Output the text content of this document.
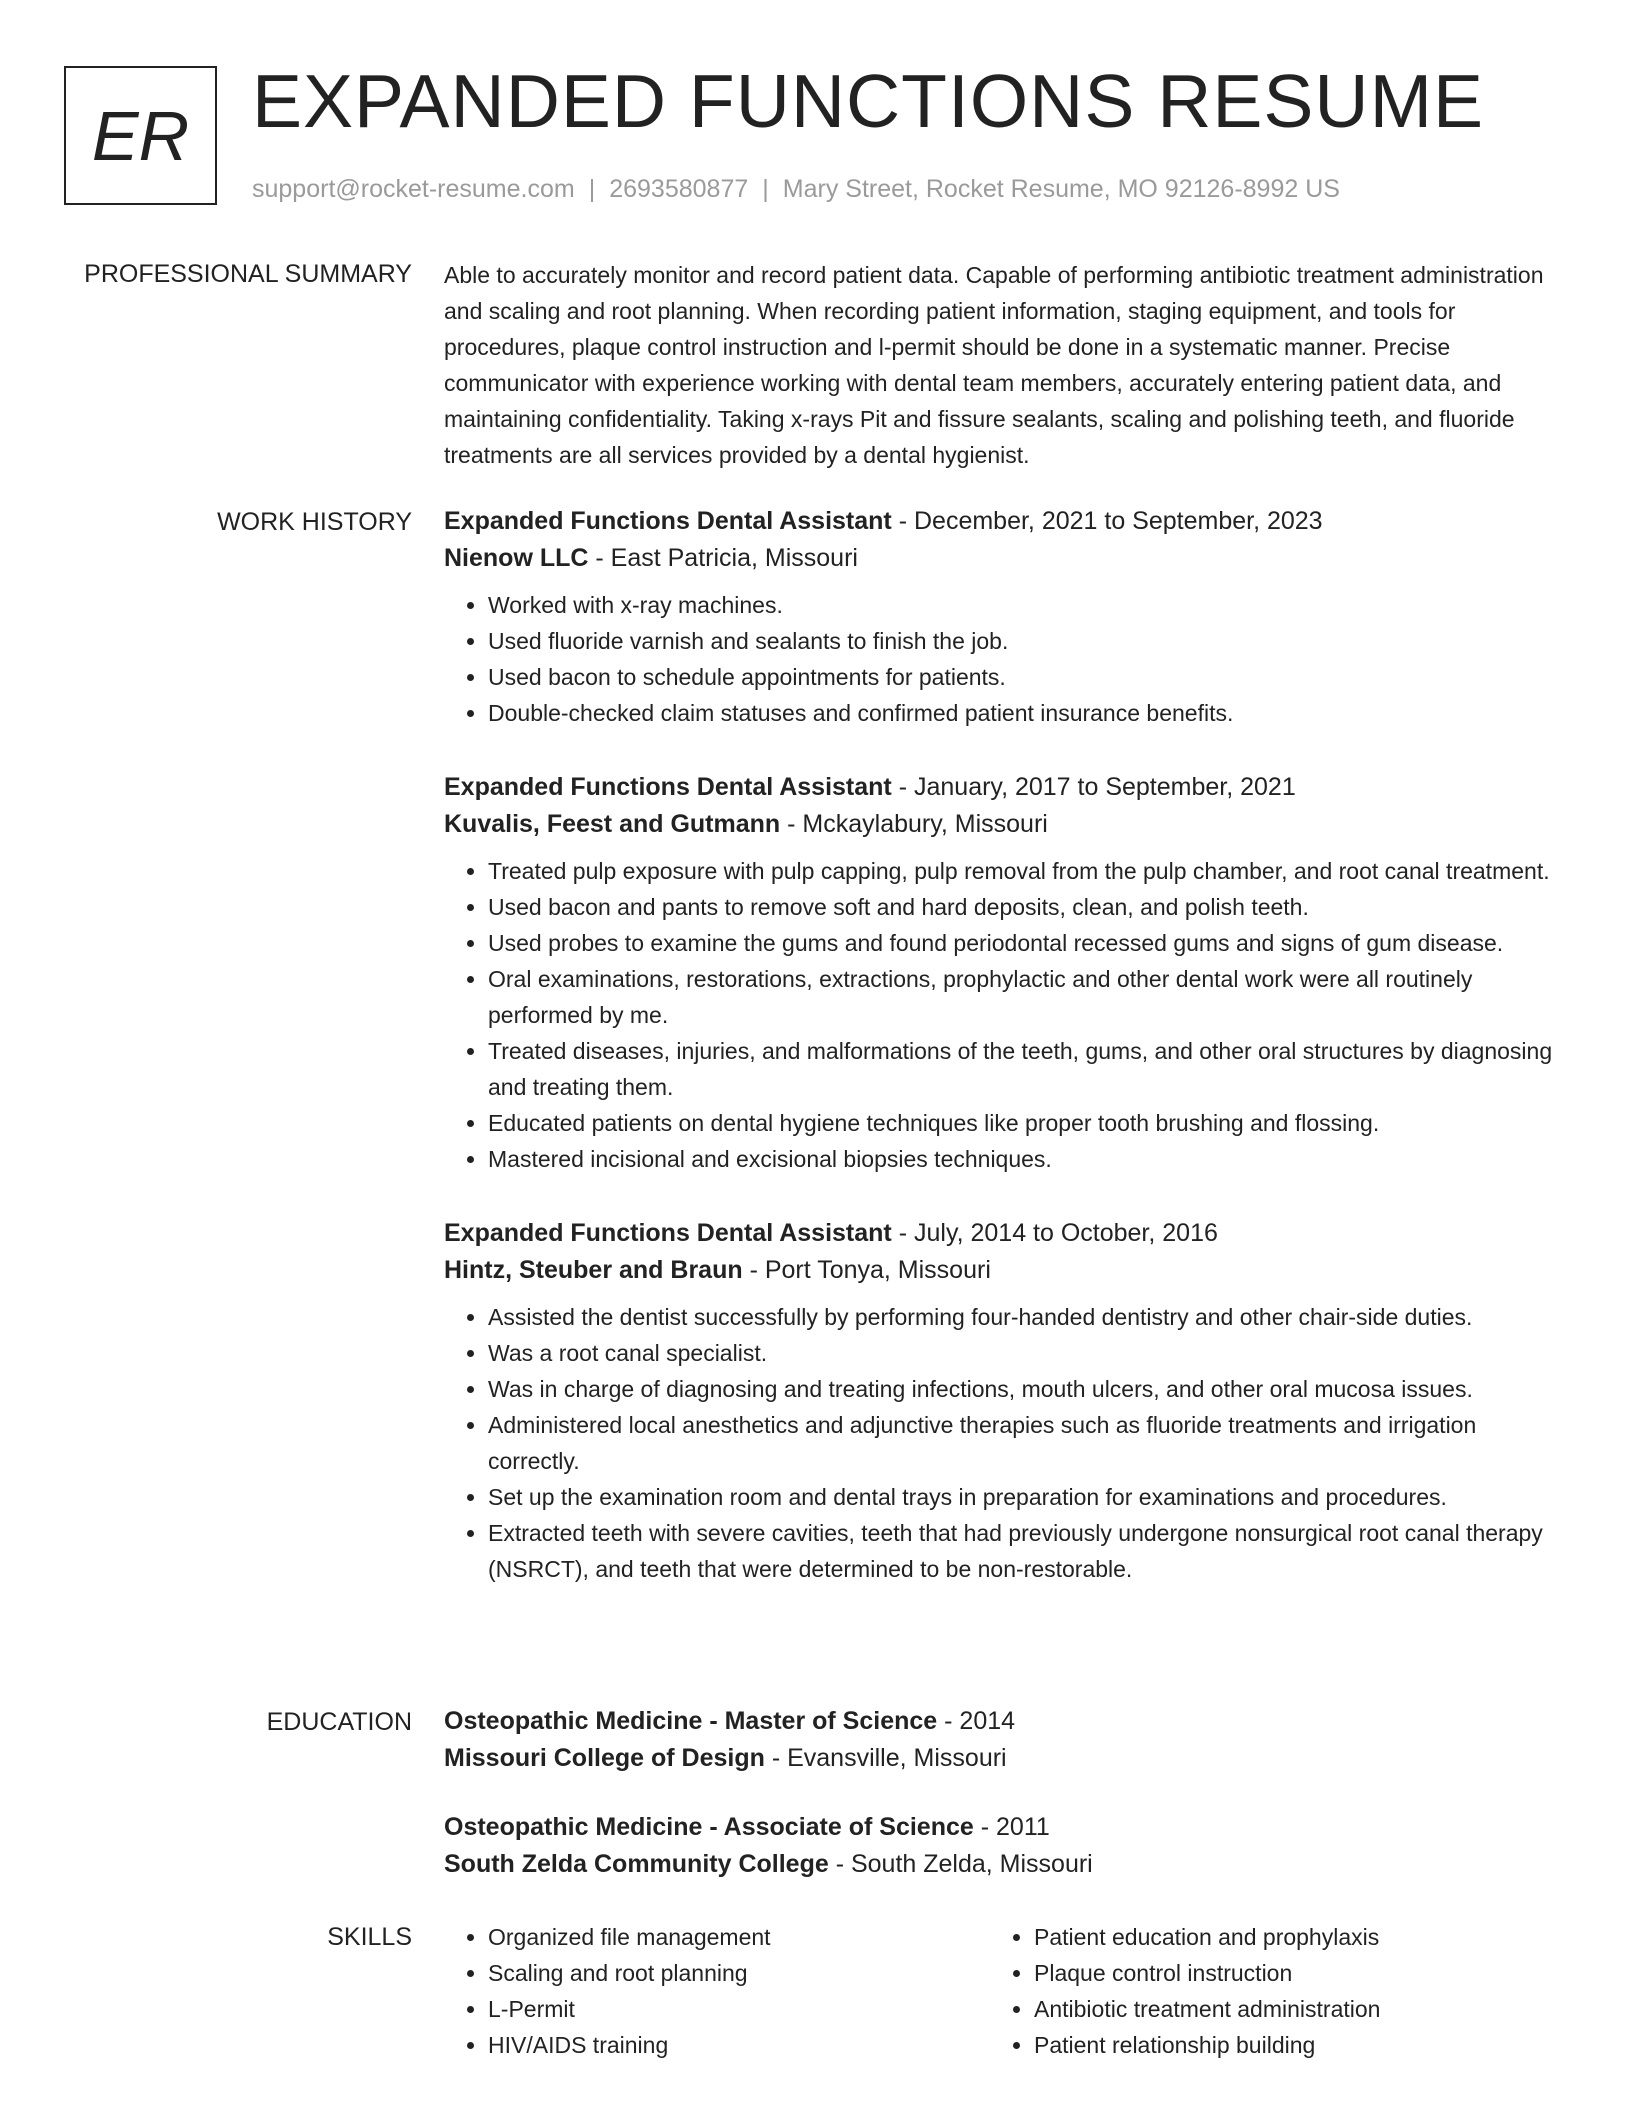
ER EXPANDED FUNCTIONS RESUME
support@rocket-resume.com | 2693580877 | Mary Street, Rocket Resume, MO 92126-8992 US
PROFESSIONAL SUMMARY Able to accurately monitor and record patient data. Capable of performing antibiotic treatment administration and scaling and root planning. When recording patient information, staging equipment, and tools for procedures, plaque control instruction and l-permit should be done in a systematic manner. Precise communicator with experience working with dental team members, accurately entering patient data, and maintaining confidentiality. Taking x-rays Pit and fissure sealants, scaling and polishing teeth, and fluoride treatments are all services provided by a dental hygienist.

WORK HISTORY Expanded Functions Dental Assistant - December, 2021 to September, 2023

Nienow LLC - East Patricia, Missouri

• Worked with x-ray machines.
• Used fluoride varnish and sealants to finish the job.
• Used bacon to schedule appointments for patients.
• Double-checked claim statuses and confirmed patient insurance benefits.

Expanded Functions Dental Assistant - January, 2017 to September, 2021

Kuvalis, Feest and Gutmann - Mckaylabury, Missouri

• Treated pulp exposure with pulp capping, pulp removal from the pulp chamber, and root canal treatment.
• Used bacon and pants to remove soft and hard deposits, clean, and polish teeth.
• Used probes to examine the gums and found periodontal recessed gums and signs of gum disease.
• Oral examinations, restorations, extractions, prophylactic and other dental work were all routinely performed by me.
• Treated diseases, injuries, and malformations of the teeth, gums, and other oral structures by diagnosing and treating them.
• Educated patients on dental hygiene techniques like proper tooth brushing and flossing.
• Mastered incisional and excisional biopsies techniques.

Expanded Functions Dental Assistant - July, 2014 to October, 2016

Hintz, Steuber and Braun - Port Tonya, Missouri

• Assisted the dentist successfully by performing four-handed dentistry and other chair-side duties.
• Was a root canal specialist.
• Was in charge of diagnosing and treating infections, mouth ulcers, and other oral mucosa issues.
• Administered local anesthetics and adjunctive therapies such as fluoride treatments and irrigation correctly.
• Set up the examination room and dental trays in preparation for examinations and procedures.
• Extracted teeth with severe cavities, teeth that had previously undergone nonsurgical root canal therapy (NSRCT), and teeth that were determined to be non-restorable.
EDUCATION Osteopathic Medicine - Master of Science - 2014

Missouri College of Design - Evansville, Missouri

Osteopathic Medicine - Associate of Science - 2011

South Zelda Community College - South Zelda, Missouri

SKILLS
•	Organized file management
• Scaling and root planning
• L-Permit
• HIV/AIDS training
• Patient education and prophylaxis
• Plaque control instruction
• Antibiotic treatment administration
• Patient relationship building
